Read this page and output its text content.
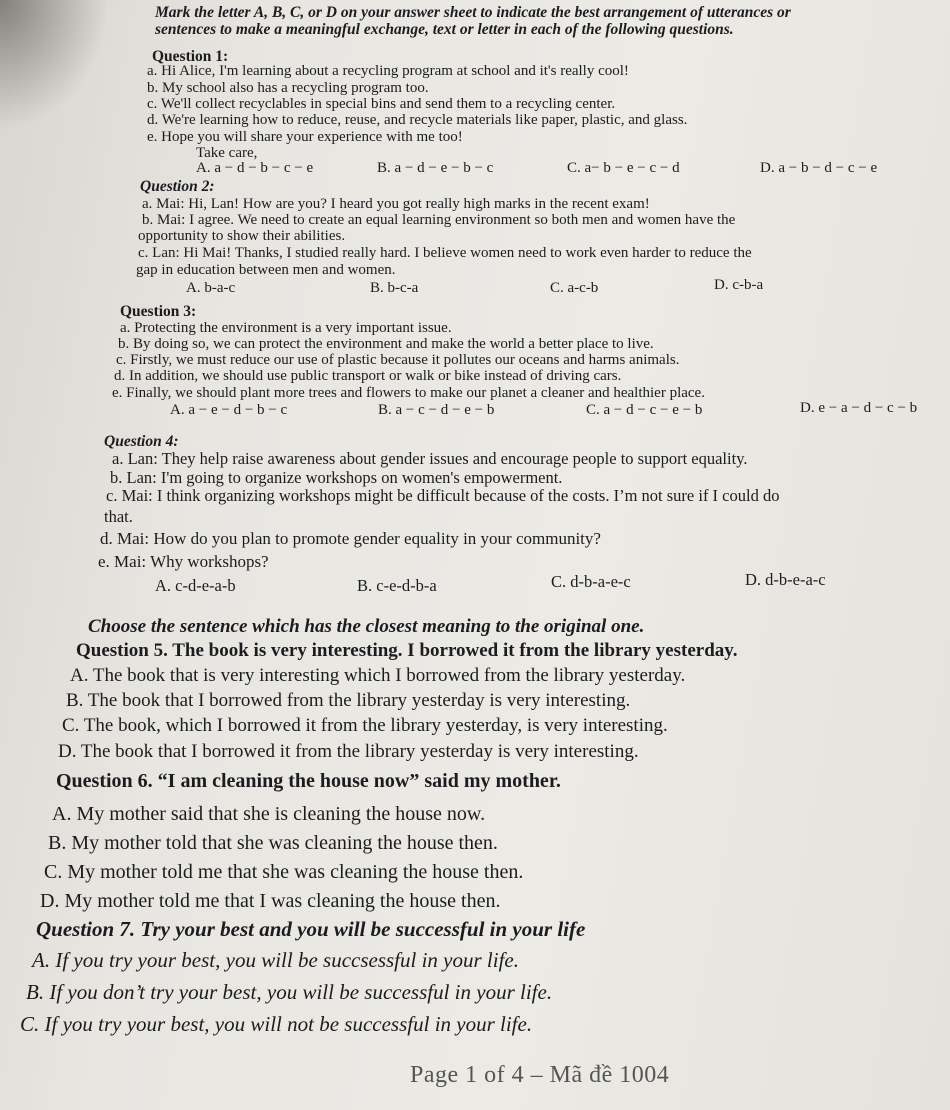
Mark the letter A, B, C, or D on your answer sheet to indicate the best arrangement of utterances or
sentences to make a meaningful exchange, text or letter in each of the following questions.
Question 1:
a. Hi Alice, I'm learning about a recycling program at school and it's really cool!
b. My school also has a recycling program too.
c. We'll collect recyclables in special bins and send them to a recycling center.
d. We're learning how to reduce, reuse, and recycle materials like paper, plastic, and glass.
e. Hope you will share your experience with me too!
Take care,
A. a − d − b − c − e	B. a − d − e − b − c	C. a− b − e − c − d	D. a − b − d − c − e
Question 2:
a. Mai: Hi, Lan! How are you? I heard you got really high marks in the recent exam!
b. Mai: I agree. We need to create an equal learning environment so both men and women have the
opportunity to show their abilities.
c. Lan: Hi Mai! Thanks, I studied really hard. I believe women need to work even harder to reduce the
gap in education between men and women.
A. b-a-c	B. b-c-a	C. a-c-b	D. c-b-a
Question 3:
a. Protecting the environment is a very important issue.
b. By doing so, we can protect the environment and make the world a better place to live.
c. Firstly, we must reduce our use of plastic because it pollutes our oceans and harms animals.
d. In addition, we should use public transport or walk or bike instead of driving cars.
e. Finally, we should plant more trees and flowers to make our planet a cleaner and healthier place.
A. a − e − d − b − c	B. a − c − d − e − b	C. a − d − c − e − b	D. e − a − d − c − b
Question 4:
a. Lan: They help raise awareness about gender issues and encourage people to support equality.
b. Lan: I'm going to organize workshops on women's empowerment.
c. Mai: I think organizing workshops might be difficult because of the costs. I’m not sure if I could do
that.
d. Mai: How do you plan to promote gender equality in your community?
e. Mai: Why workshops?
A. c-d-e-a-b	B. c-e-d-b-a	C. d-b-a-e-c	D. d-b-e-a-c
Choose the sentence which has the closest meaning to the original one.
Question 5. The book is very interesting. I borrowed it from the library yesterday.
A. The book that is very interesting which I borrowed from the library yesterday.
B. The book that I borrowed from the library yesterday is very interesting.
C. The book, which I borrowed it from the library yesterday, is very interesting.
D. The book that I borrowed it from the library yesterday is very interesting.
Question 6. “I am cleaning the house now” said my mother.
A. My mother said that she is cleaning the house now.
B. My mother told that she was cleaning the house then.
C. My mother told me that she was cleaning the house then.
D. My mother told me that I was cleaning the house then.
Question 7. Try your best and you will be successful in your life
A. If you try your best, you will be succsessful in your life.
B. If you don’t try your best, you will be successful in your life.
C. If you try your best, you will not be successful in your life.
Page 1 of 4 – Mã đề 1004
